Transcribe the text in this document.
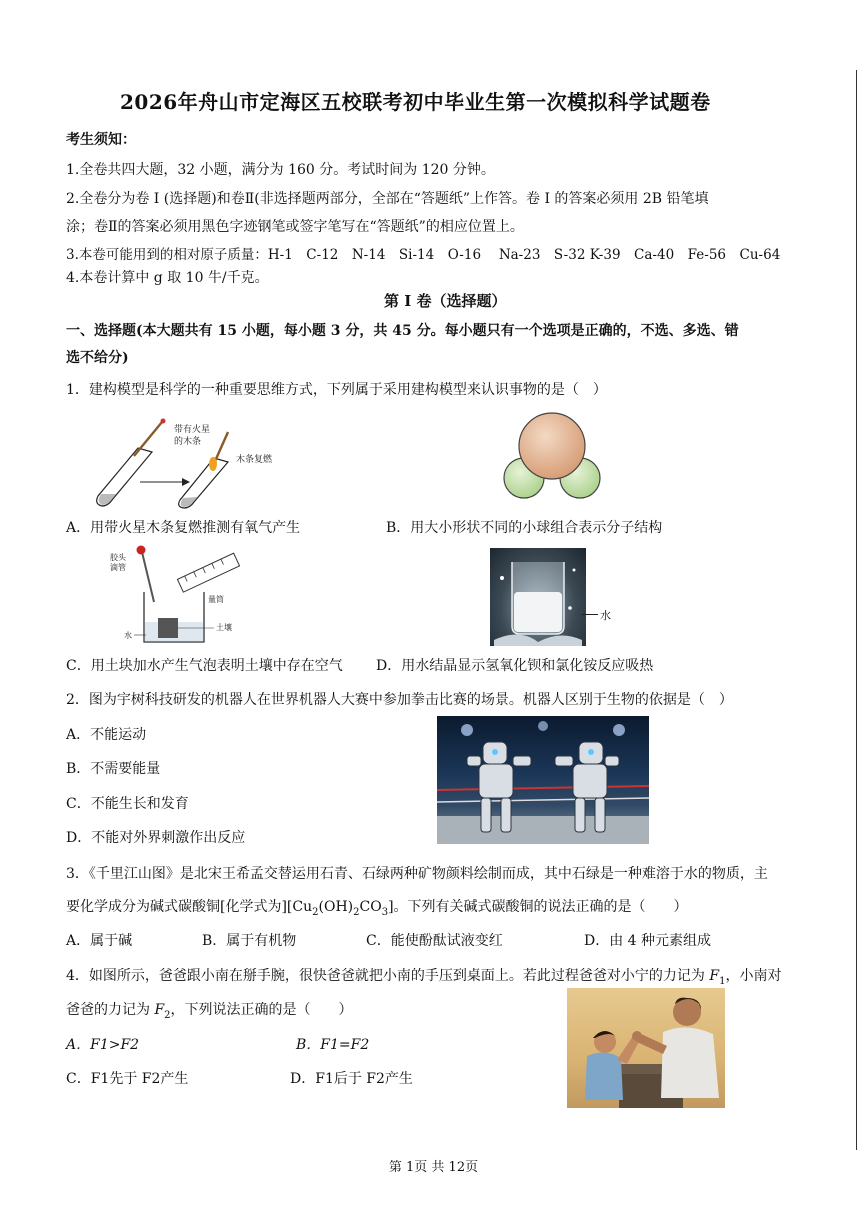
2026年舟山市定海区五校联考初中毕业生第一次模拟科学试题卷
考生须知：
1.全卷共四大题，32 小题，满分为 160 分。考试时间为 120 分钟。
2.全卷分为卷 I (选择题)和卷Ⅱ(非选择题两部分，全部在“答题纸”上作答。卷 I 的答案必须用 2B 铅笔填
涂；卷Ⅱ的答案必须用黑色字迹钢笔或签字笔写在“答题纸”的相应位置上。
3.本卷可能用到的相对原子质量：H-1　C-12　N-14　Si-14　O-16　 Na-23　S-32 K-39　Ca-40　Fe-56　Cu-64
4.本卷计算中 g 取 10 牛/千克。
第 I 卷（选择题）
一、选择题(本大题共有 15 小题，每小题 3 分，共 45 分。每小题只有一个选项是正确的，不选、多选、错
选不给分)
1．建构模型是科学的一种重要思维方式，下列属于采用建构模型来认识事物的是（　）
带有火星
的木条
木条复燃
A．用带火星木条复燃推测有氧气产生	B．用大小形状不同的小球组合表示分子结构
胶头
滴管
量筒
土壤
水
水
C．用土块加水产生气泡表明土壤中存在空气 D．用水结晶显示氢氧化钡和氯化铵反应吸热
2．图为宇树科技研发的机器人在世界机器人大赛中参加拳击比赛的场景。机器人区别于生物的依据是（　）
A．不能运动
B．不需要能量
C．不能生长和发育
D．不能对外界刺激作出反应
3．《千里江山图》是北宋王希孟交替运用石青、石绿两种矿物颜料绘制而成，其中石绿是一种难溶于水的物质，主
要化学成分为碱式碳酸铜[化学式为]$[Cu_2(OH)_2CO_3]$。下列有关碱式碳酸铜的说法正确的是（　　）
A．属于碱	B．属于有机物	C．能使酚酞试液变红	D．由 4 种元素组成
4．如图所示，爸爸跟小南在掰手腕，很快爸爸就把小南的手压到桌面上。若此过程爸爸对小宁的力记为 $F_1$，小南对
爸爸的力记为 $F_2$，下列说法正确的是（　　）
A．F1>F2	B．F1=F2
C．F1先于 F2产生	D．F1后于 F2产生
第 1页 共 12页
